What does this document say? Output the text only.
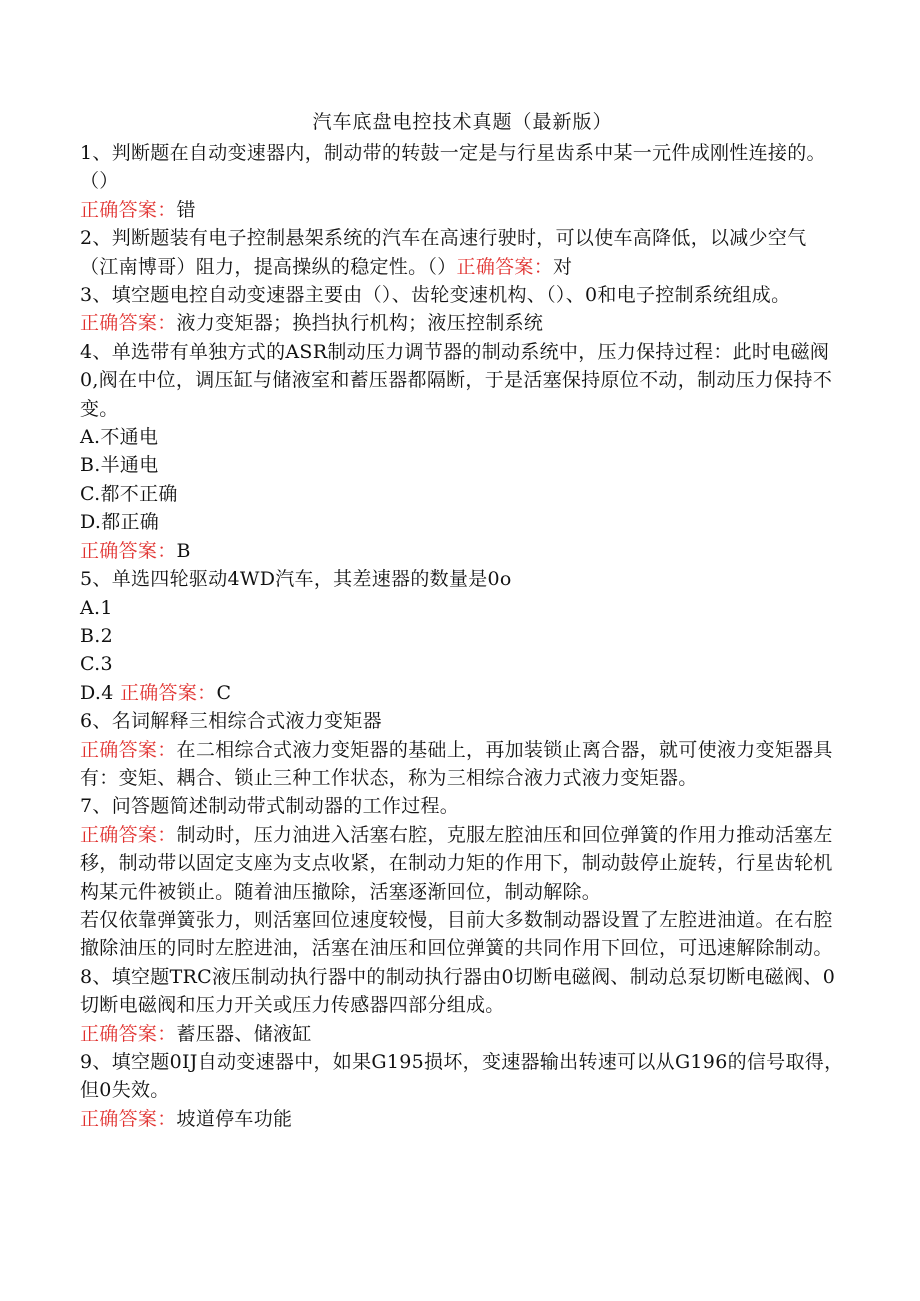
汽车底盘电控技术真题（最新版）

1、判断题在自动变速器内，制动带的转鼓一定是与行星齿系中某一元件成刚性连接的。（）

正确答案：错

2、判断题装有电子控制悬架系统的汽车在高速行驶时，可以使车高降低，以减少空气（江南博哥）阻力，提高操纵的稳定性。（）正确答案：对

3、填空题电控自动变速器主要由（）、齿轮变速机构、（）、0和电子控制系统组成。

正确答案：液力变矩器；换挡执行机构；液压控制系统

4、单选带有单独方式的ASR制动压力调节器的制动系统中，压力保持过程：此时电磁阀0,阀在中位，调压缸与储液室和蓄压器都隔断，于是活塞保持原位不动，制动压力保持不变。

A.不通电

B.半通电

C.都不正确

D.都正确

正确答案：B

5、单选四轮驱动4WD汽车，其差速器的数量是0o

A.1

B.2

C.3

D.4 正确答案：C

6、名词解释三相综合式液力变矩器

正确答案：在二相综合式液力变矩器的基础上，再加装锁止离合器，就可使液力变矩器具有：变矩、耦合、锁止三种工作状态，称为三相综合液力式液力变矩器。

7、问答题简述制动带式制动器的工作过程。

正确答案：制动时，压力油进入活塞右腔，克服左腔油压和回位弹簧的作用力推动活塞左移，制动带以固定支座为支点收紧，在制动力矩的作用下，制动鼓停止旋转，行星齿轮机构某元件被锁止。随着油压撤除，活塞逐渐回位，制动解除。

若仅依靠弹簧张力，则活塞回位速度较慢，目前大多数制动器设置了左腔进油道。在右腔撤除油压的同时左腔进油，活塞在油压和回位弹簧的共同作用下回位，可迅速解除制动。

8、填空题TRC液压制动执行器中的制动执行器由0切断电磁阀、制动总泵切断电磁阀、0切断电磁阀和压力开关或压力传感器四部分组成。

正确答案：蓄压器、储液缸

9、填空题0IJ自动变速器中，如果G195损坏，变速器输出转速可以从G196的信号取得，但0失效。

正确答案：坡道停车功能
